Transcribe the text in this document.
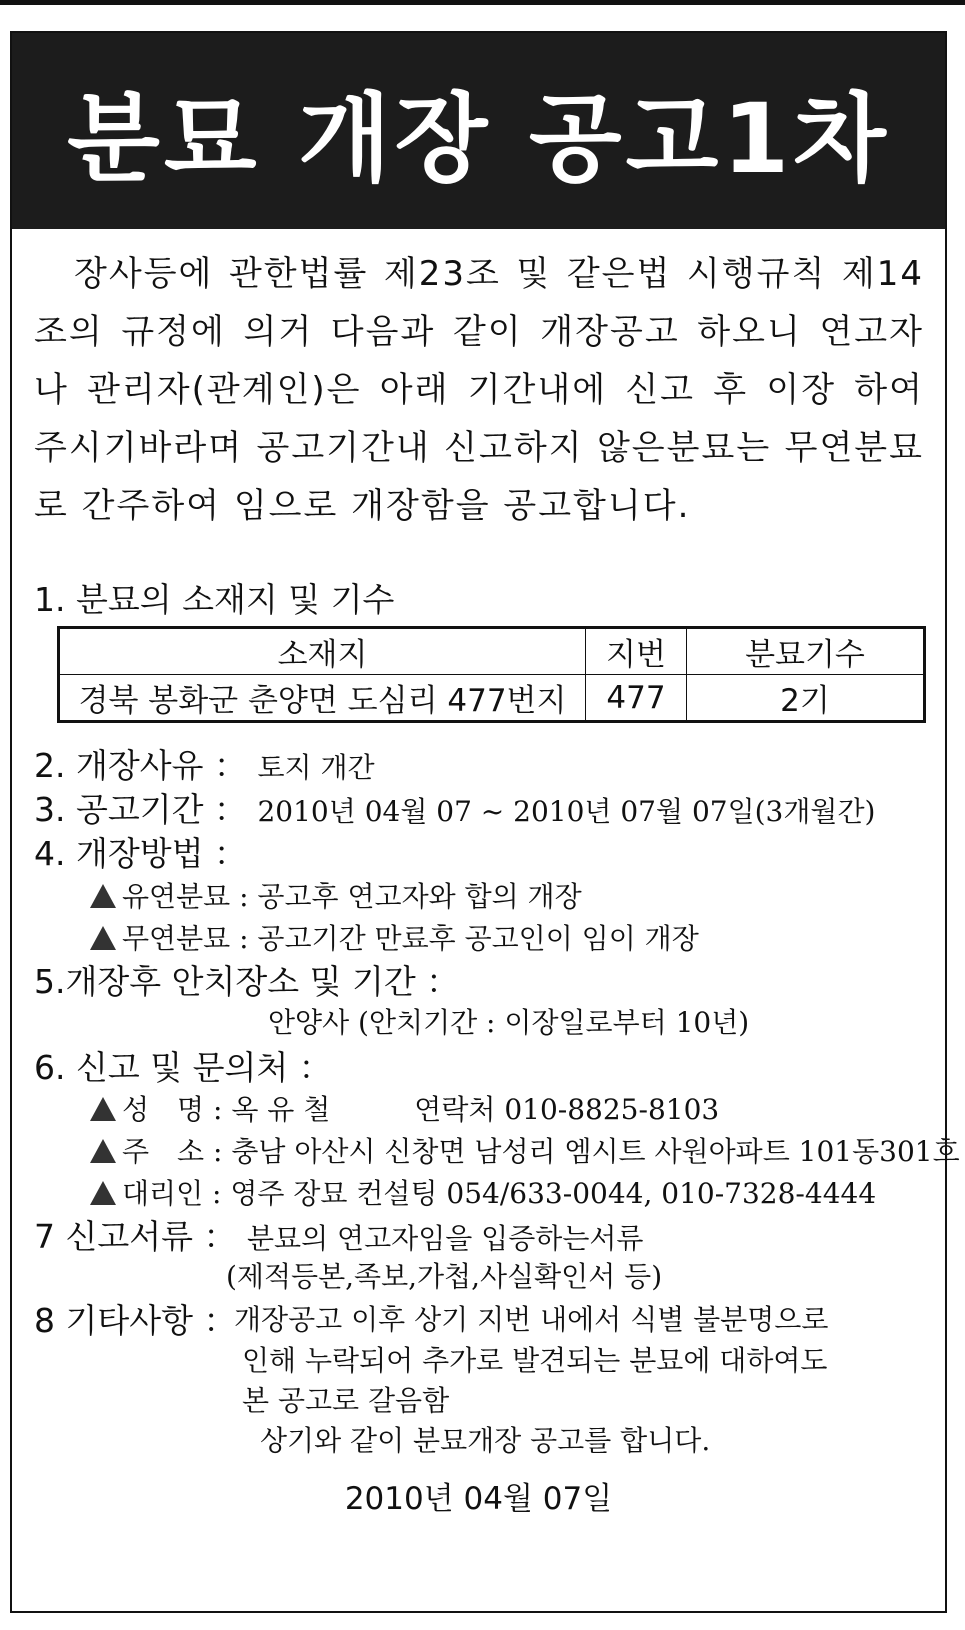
분묘 개장 공고1차
장사등에 관한법률 제23조 및 같은법 시행규칙 제14조의 규정에 의거 다음과 같이 개장공고 하오니 연고자나 관리자(관계인)은 아래 기간내에 신고 후 이장 하여 주시기바라며 공고기간내 신고하지 않은분묘는 무연분묘로 간주하여 임으로 개장함을 공고합니다.
1. 분묘의 소재지 및 기수
소재지	지번	분묘기수
경북 봉화군 춘양면 도심리 477번지	477	2기
2. 개장사유 ： 토지 개간
3. 공고기간 ： 2010년 04월 07 ~ 2010년 07월 07일(3개월간)
4. 개장방법 ：
유연분묘 : 공고후 연고자와 합의 개장
무연분묘 : 공고기간 만료후 공고인이 임이 개장
5.개장후 안치장소 및 기간 ：
안양사 (안치기간 : 이장일로부터 10년)
6. 신고 및 문의처 ：
성　명 : 옥 유 철　　　연락처 010-8825-8103
주　소 : 충남 아산시 신창면 남성리 엠시트 사원아파트 101동301호
대리인 : 영주 장묘 컨설팅 054/633-0044, 010-7328-4444
7 신고서류 ： 분묘의 연고자임을 입증하는서류
(제적등본,족보,가첩,사실확인서 등)
8 기타사항 ：
개장공고 이후 상기 지번 내에서 식별 불분명으로
인해 누락되어 추가로 발견되는 분묘에 대하여도
본 공고로 갈음함
상기와 같이 분묘개장 공고를 합니다.
2010년 04월 07일
